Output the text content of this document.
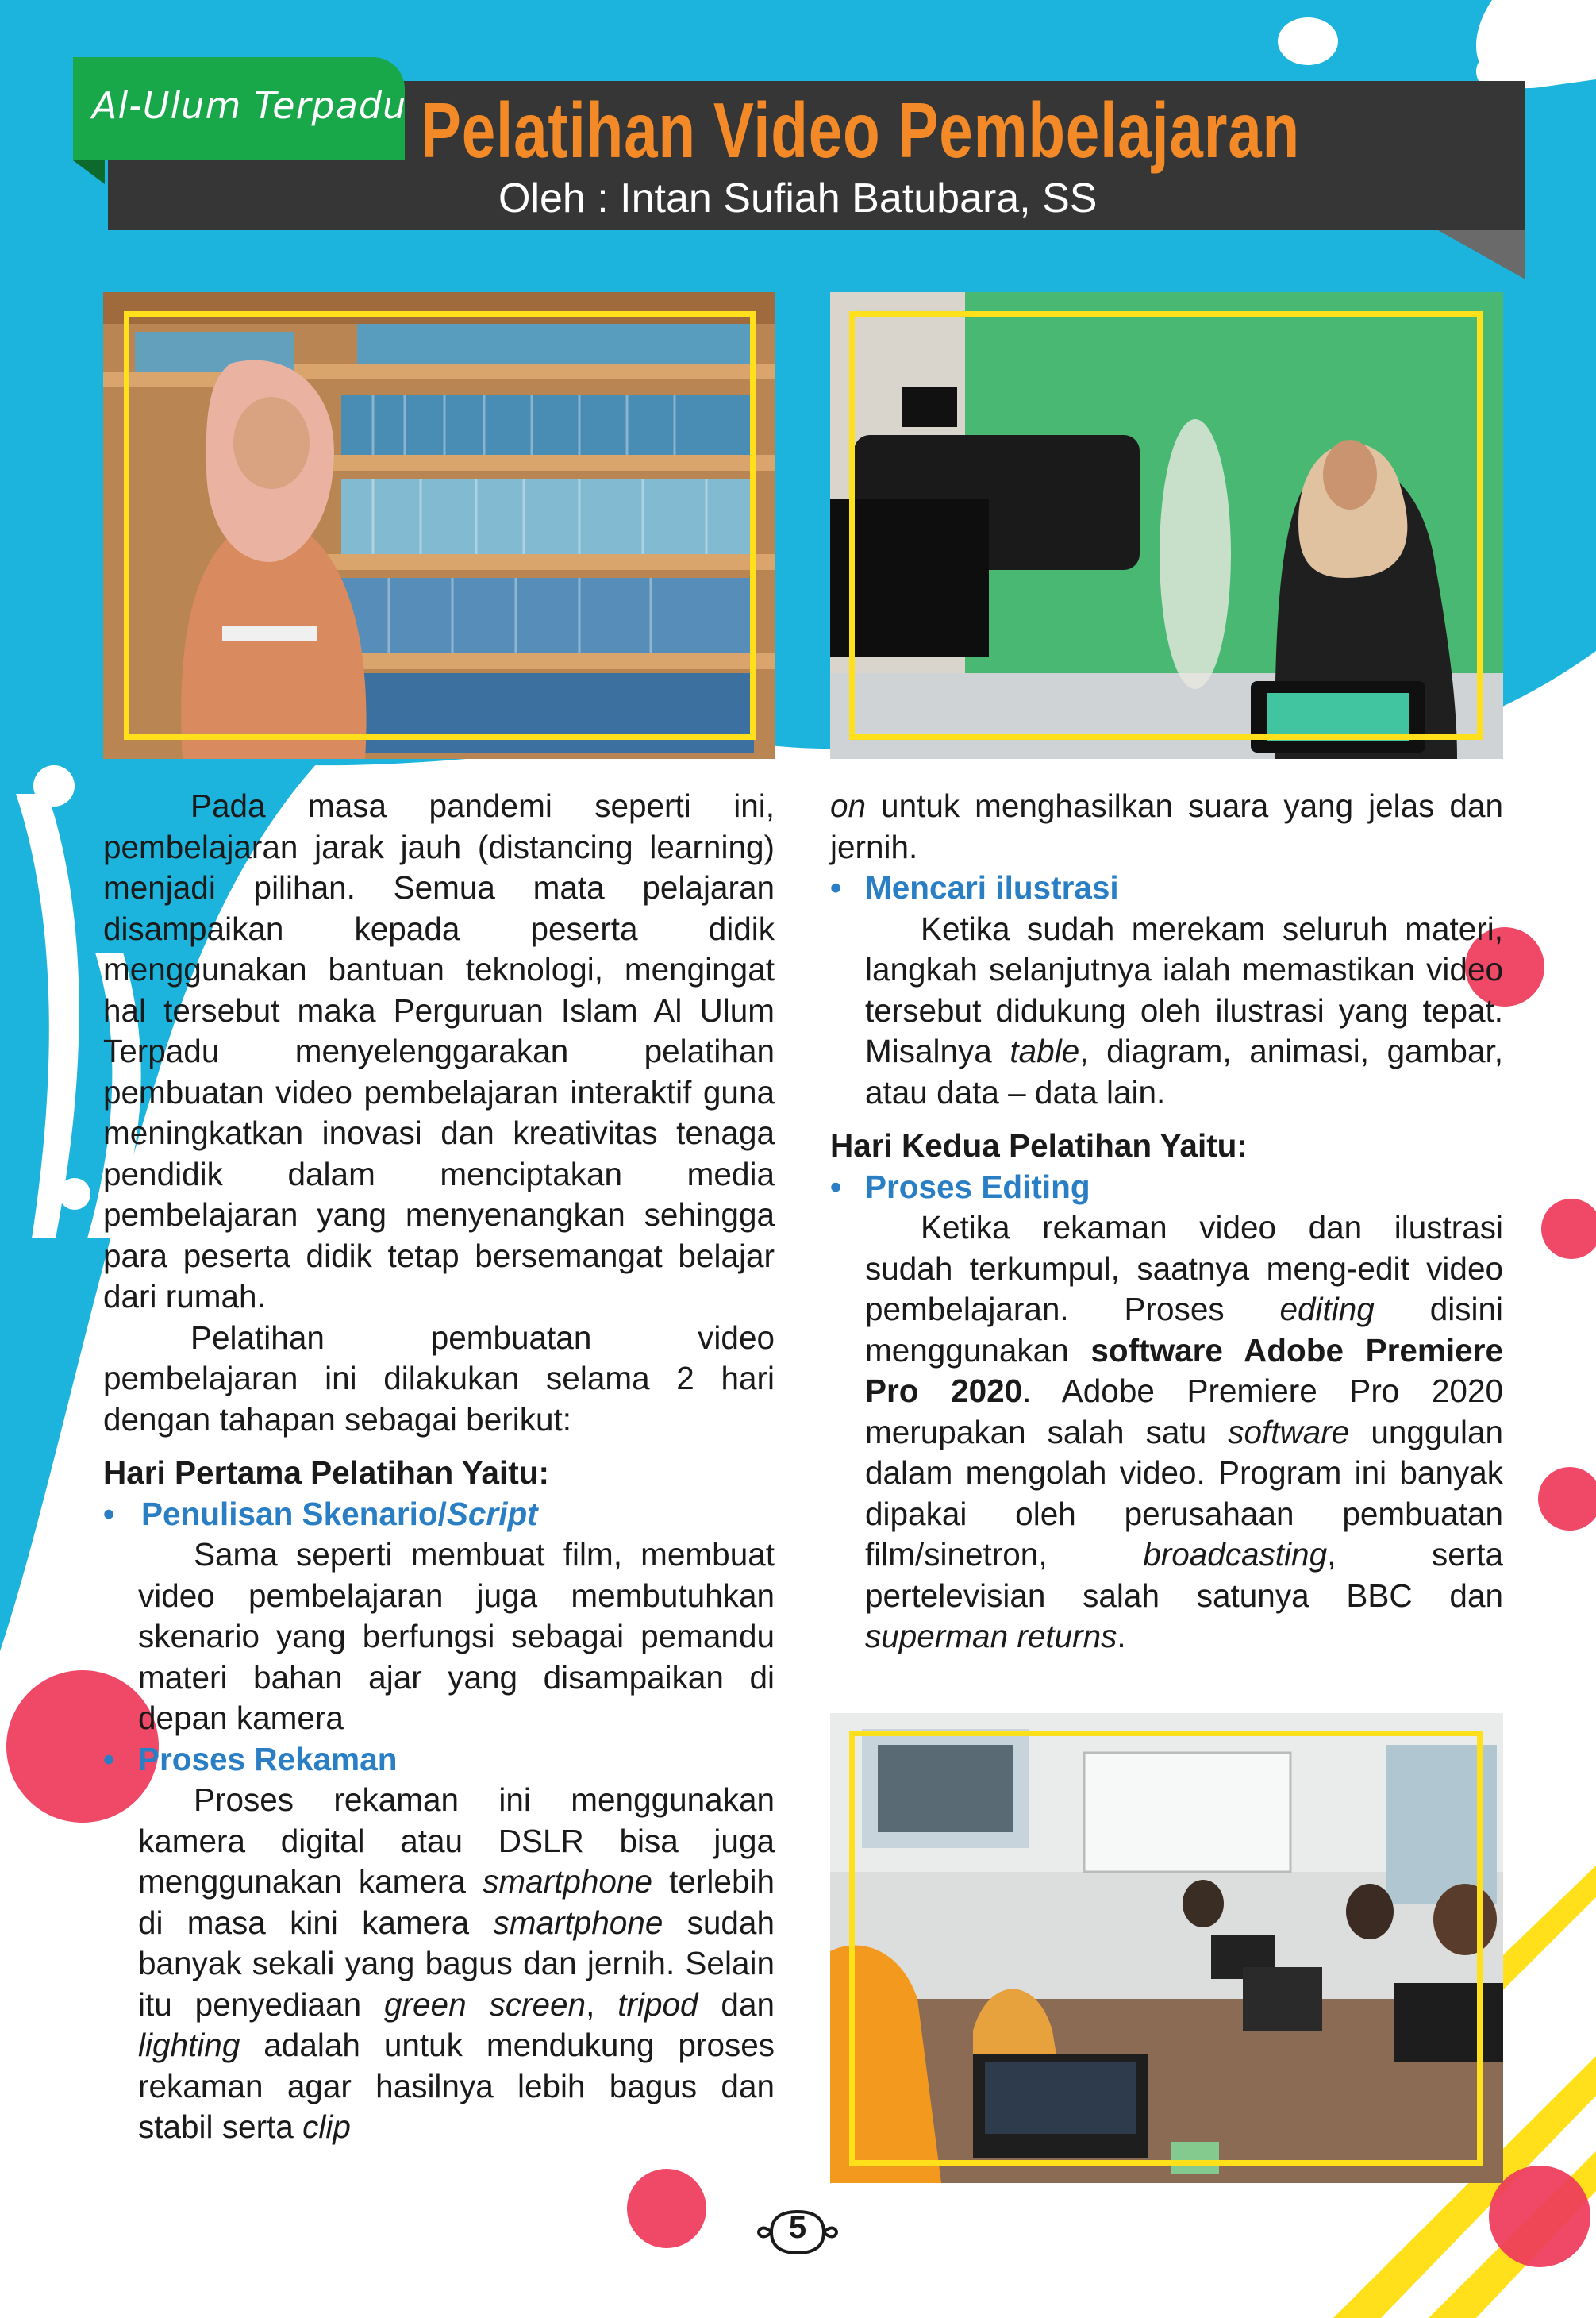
Al-Ulum Terpadu Pelatihan Video Pembelajaran
Oleh : Intan Sufiah Batubara, SS

Pada masa pandemi seperti ini, pembelajaran jarak jauh (distancing learning) menjadi pilihan. Semua mata pelajaran disampaikan kepada peserta didik menggunakan bantuan teknologi, mengingat hal tersebut maka Perguruan Islam Al Ulum Terpadu menyelenggarakan pelatihan pembuatan video pembelajaran interaktif guna meningkatkan inovasi dan kreativitas tenaga pendidik dalam menciptakan media pembelajaran yang menyenangkan sehingga para peserta didik tetap bersemangat belajar dari rumah.

Pelatihan pembuatan video pembelajaran ini dilakukan selama 2 hari dengan tahapan sebagai berikut:

Hari Pertama Pelatihan Yaitu:

• Penulisan Skenario/Script

Sama seperti membuat film, membuat video pembelajaran juga membutuhkan skenario yang berfungsi sebagai pemandu materi bahan ajar yang disampaikan di depan kamera

• Proses Rekaman

Proses rekaman ini menggunakan kamera digital atau DSLR bisa juga menggunakan kamera smartphone terlebih di masa kini kamera smartphone sudah banyak sekali yang bagus dan jernih. Selain itu penyediaan green screen, tripod dan lighting adalah untuk mendukung proses rekaman agar hasilnya lebih bagus dan stabil serta clip

on untuk menghasilkan suara yang jelas dan jernih.

• Mencari ilustrasi

Ketika sudah merekam seluruh materi, langkah selanjutnya ialah memastikan video tersebut didukung oleh ilustrasi yang tepat. Misalnya table, diagram, animasi, gambar, atau data – data lain.

Hari Kedua Pelatihan Yaitu:

• Proses Editing

Ketika rekaman video dan ilustrasi sudah terkumpul, saatnya meng-edit video pembelajaran. Proses editing disini menggunakan software Adobe Premiere Pro 2020. Adobe Premiere Pro 2020 merupakan salah satu software unggulan dalam mengolah video. Program ini banyak dipakai oleh perusahaan pembuatan film/sinetron, broadcasting, serta pertelevisian salah satunya BBC dan superman returns.

5
